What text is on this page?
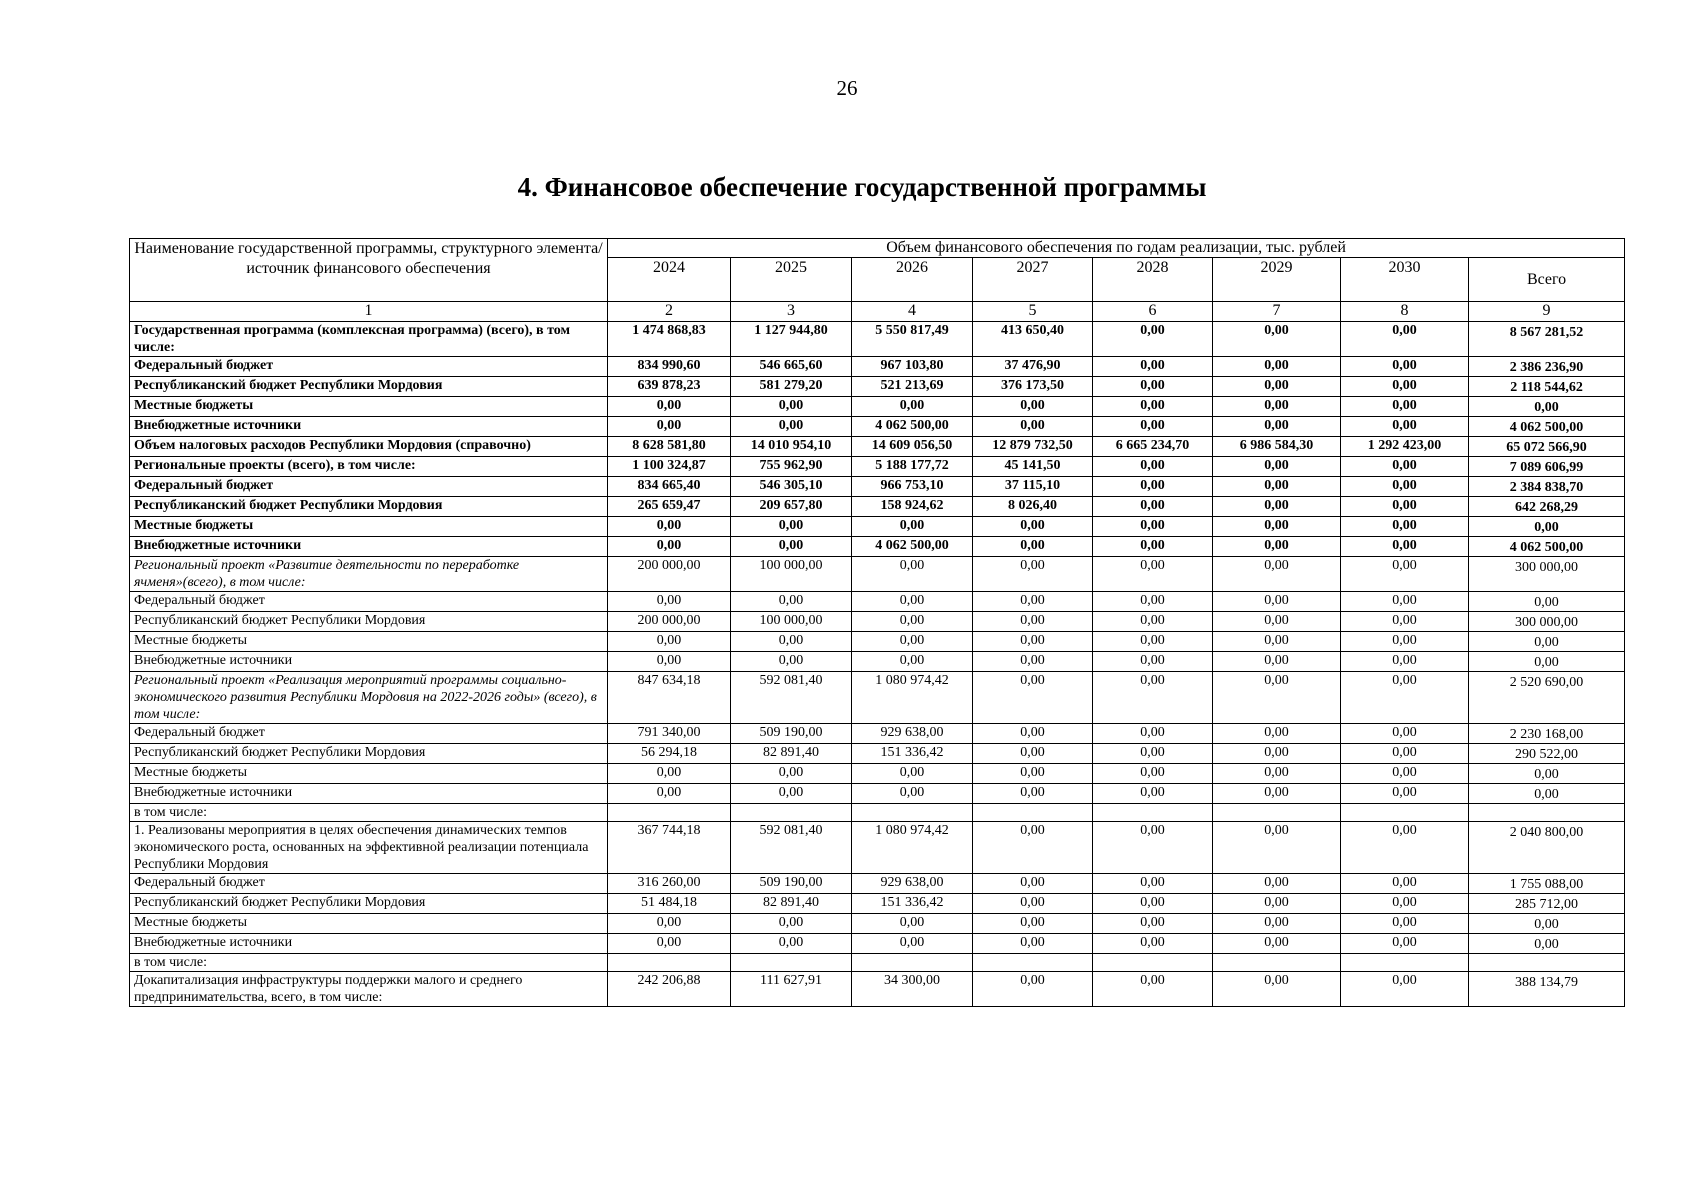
26
4. Финансовое обеспечение государственной программы
Наименование государственной программы, структурного элемента/ источник финансового обеспечения	Объем финансового обеспечения по годам реализации, тыс. рублей							
	2024	2025	2026	2027	2028	2029	2030	Всего
1	2	3	4	5	6	7	8	9
Государственная программа (комплексная программа) (всего), в том числе:	1 474 868,83	1 127 944,80	5 550 817,49	413 650,40	0,00	0,00	0,00	8 567 281,52
Федеральный бюджет	834 990,60	546 665,60	967 103,80	37 476,90	0,00	0,00	0,00	2 386 236,90
Республиканский бюджет Республики Мордовия	639 878,23	581 279,20	521 213,69	376 173,50	0,00	0,00	0,00	2 118 544,62
Местные бюджеты	0,00	0,00	0,00	0,00	0,00	0,00	0,00	0,00
Внебюджетные источники	0,00	0,00	4 062 500,00	0,00	0,00	0,00	0,00	4 062 500,00
Объем налоговых расходов Республики Мордовия (справочно)	8 628 581,80	14 010 954,10	14 609 056,50	12 879 732,50	6 665 234,70	6 986 584,30	1 292 423,00	65 072 566,90
Региональные проекты (всего), в том числе:	1 100 324,87	755 962,90	5 188 177,72	45 141,50	0,00	0,00	0,00	7 089 606,99
Федеральный бюджет	834 665,40	546 305,10	966 753,10	37 115,10	0,00	0,00	0,00	2 384 838,70
Республиканский бюджет Республики Мордовия	265 659,47	209 657,80	158 924,62	8 026,40	0,00	0,00	0,00	642 268,29
Местные бюджеты	0,00	0,00	0,00	0,00	0,00	0,00	0,00	0,00
Внебюджетные источники	0,00	0,00	4 062 500,00	0,00	0,00	0,00	0,00	4 062 500,00
Региональный проект «Развитие деятельности по переработке ячменя»(всего), в том числе:	200 000,00	100 000,00	0,00	0,00	0,00	0,00	0,00	300 000,00
Федеральный бюджет	0,00	0,00	0,00	0,00	0,00	0,00	0,00	0,00
Республиканский бюджет Республики Мордовия	200 000,00	100 000,00	0,00	0,00	0,00	0,00	0,00	300 000,00
Местные бюджеты	0,00	0,00	0,00	0,00	0,00	0,00	0,00	0,00
Внебюджетные источники	0,00	0,00	0,00	0,00	0,00	0,00	0,00	0,00
Региональный проект «Реализация мероприятий программы социально-экономического развития Республики Мордовия на 2022-2026 годы» (всего), в том числе:	847 634,18	592 081,40	1 080 974,42	0,00	0,00	0,00	0,00	2 520 690,00
Федеральный бюджет	791 340,00	509 190,00	929 638,00	0,00	0,00	0,00	0,00	2 230 168,00
Республиканский бюджет Республики Мордовия	56 294,18	82 891,40	151 336,42	0,00	0,00	0,00	0,00	290 522,00
Местные бюджеты	0,00	0,00	0,00	0,00	0,00	0,00	0,00	0,00
Внебюджетные источники	0,00	0,00	0,00	0,00	0,00	0,00	0,00	0,00
в том числе:								
1. Реализованы мероприятия в целях обеспечения динамических темпов экономического роста, основанных на эффективной реализации потенциала Республики Мордовия	367 744,18	592 081,40	1 080 974,42	0,00	0,00	0,00	0,00	2 040 800,00
Федеральный бюджет	316 260,00	509 190,00	929 638,00	0,00	0,00	0,00	0,00	1 755 088,00
Республиканский бюджет Республики Мордовия	51 484,18	82 891,40	151 336,42	0,00	0,00	0,00	0,00	285 712,00
Местные бюджеты	0,00	0,00	0,00	0,00	0,00	0,00	0,00	0,00
Внебюджетные источники	0,00	0,00	0,00	0,00	0,00	0,00	0,00	0,00
в том числе:								
Докапитализация инфраструктуры поддержки малого и среднего предпринимательства, всего, в том числе:	242 206,88	111 627,91	34 300,00	0,00	0,00	0,00	0,00	388 134,79
